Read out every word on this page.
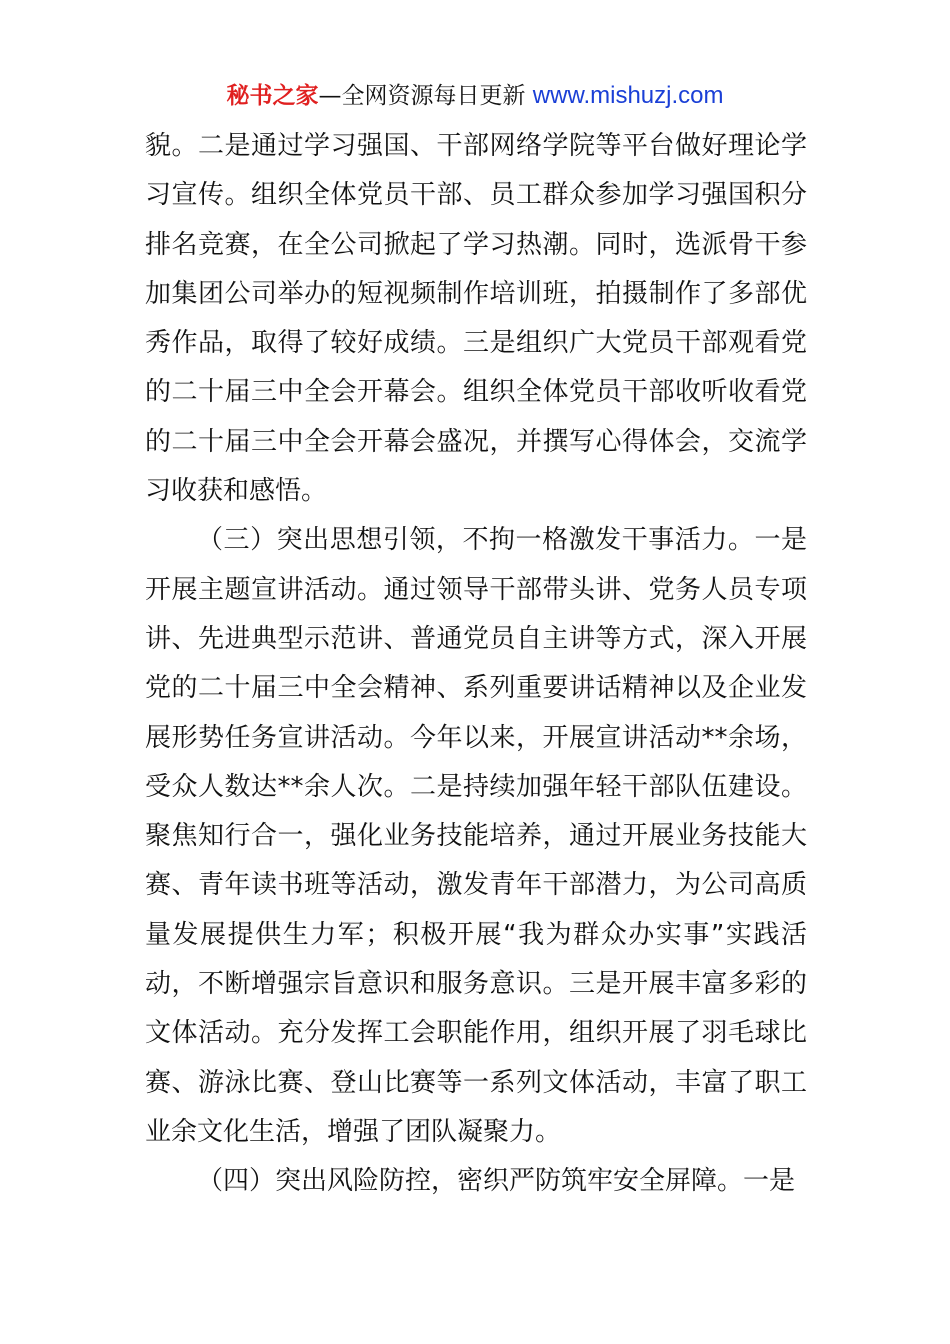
秘书之家—全网资源每日更新 www.mishuzj.com

貌。二是通过学习强国、干部网络学院等平台做好理论学习宣传。组织全体党员干部、员工群众参加学习强国积分排名竞赛，在全公司掀起了学习热潮。同时，选派骨干参加集团公司举办的短视频制作培训班，拍摄制作了多部优秀作品，取得了较好成绩。三是组织广大党员干部观看党的二十届三中全会开幕会。组织全体党员干部收听收看党的二十届三中全会开幕会盛况，并撰写心得体会，交流学习收获和感悟。

（三）突出思想引领，不拘一格激发干事活力。一是开展主题宣讲活动。通过领导干部带头讲、党务人员专项讲、先进典型示范讲、普通党员自主讲等方式，深入开展党的二十届三中全会精神、系列重要讲话精神以及企业发展形势任务宣讲活动。今年以来，开展宣讲活动**余场，受众人数达**余人次。二是持续加强年轻干部队伍建设。聚焦知行合一，强化业务技能培养，通过开展业务技能大赛、青年读书班等活动，激发青年干部潜力，为公司高质量发展提供生力军；积极开展“我为群众办实事”实践活动，不断增强宗旨意识和服务意识。三是开展丰富多彩的文体活动。充分发挥工会职能作用，组织开展了羽毛球比赛、游泳比赛、登山比赛等一系列文体活动，丰富了职工业余文化生活，增强了团队凝聚力。

（四）突出风险防控，密织严防筑牢安全屏障。一是
